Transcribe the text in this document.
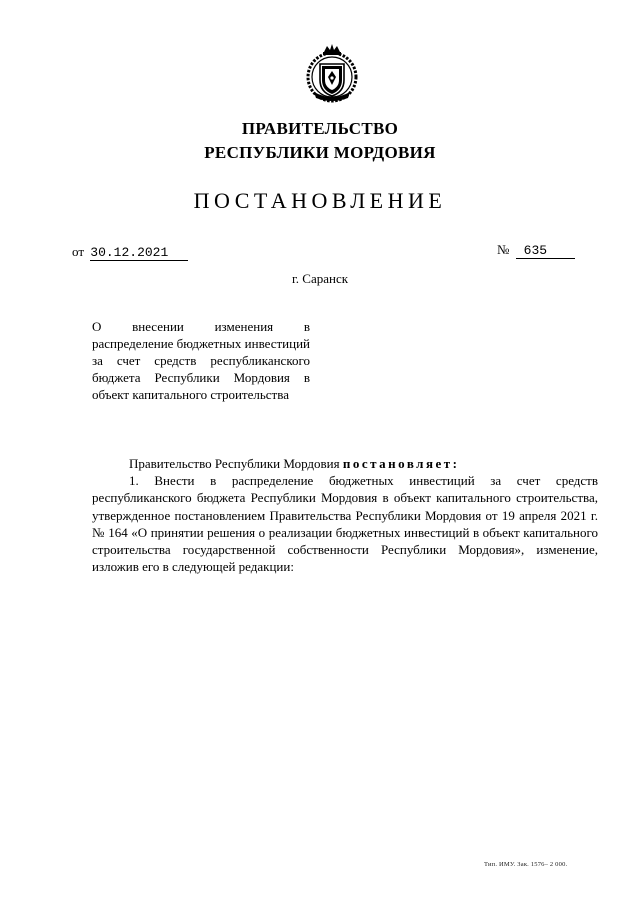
ПРАВИТЕЛЬСТВО
РЕСПУБЛИКИ МОРДОВИЯ
ПОСТАНОВЛЕНИЕ
от 30.12.2021	№ 635
г. Саранск
О внесении изменения в распределение бюджетных инвестиций за счет средств республиканского бюджета Республики Мордовия в объект капитального строительства

Правительство Республики Мордовия постановляет:

1. Внести в распределение бюджетных инвестиций за счет средств республиканского бюджета Республики Мордовия в объект капитального строительства, утвержденное постановлением Правительства Республики Мордовия от 19 апреля 2021 г. № 164 «О принятии решения о реализации бюджетных инвестиций в объект капитального строительства государственной собственности Республики Мордовия», изменение, изложив его в следующей редакции:

Тип. ИМУ. Зак. 1576– 2 000.
